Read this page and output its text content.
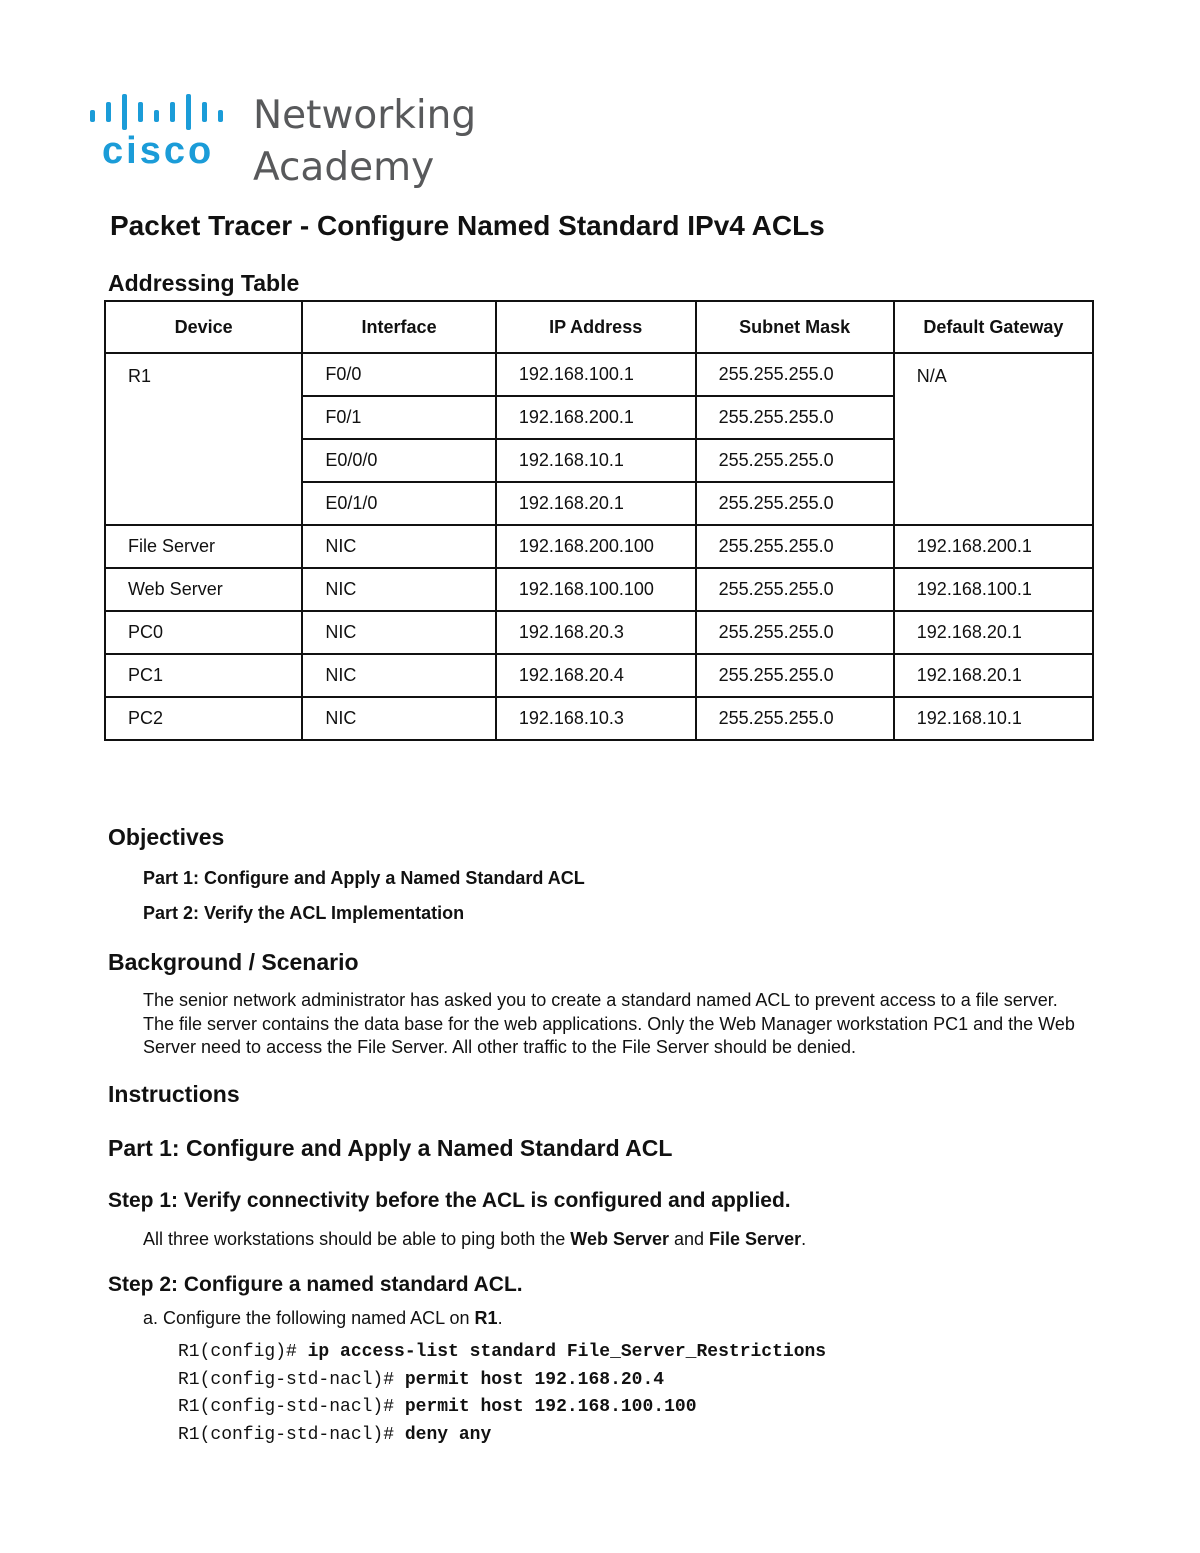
cisco
Networking
Academy
Packet Tracer - Configure Named Standard IPv4 ACLs
Addressing Table
Device	Interface	IP Address	Subnet Mask	Default Gateway
R1	F0/0	192.168.100.1	255.255.255.0	N/A
	F0/1	192.168.200.1	255.255.255.0	
	E0/0/0	192.168.10.1	255.255.255.0	
	E0/1/0	192.168.20.1	255.255.255.0	
File Server	NIC	192.168.200.100	255.255.255.0	192.168.200.1
Web Server	NIC	192.168.100.100	255.255.255.0	192.168.100.1
PC0	NIC	192.168.20.3	255.255.255.0	192.168.20.1
PC1	NIC	192.168.20.4	255.255.255.0	192.168.20.1
PC2	NIC	192.168.10.3	255.255.255.0	192.168.10.1
Objectives
Part 1: Configure and Apply a Named Standard ACL
Part 2: Verify the ACL Implementation
Background / Scenario
The senior network administrator has asked you to create a standard named ACL to prevent access to a file server. The file server contains the data base for the web applications. Only the Web Manager workstation PC1 and the Web Server need to access the File Server. All other traffic to the File Server should be denied.
Instructions
Part 1: Configure and Apply a Named Standard ACL
Step 1: Verify connectivity before the ACL is configured and applied.
All three workstations should be able to ping both the Web Server and File Server.
Step 2: Configure a named standard ACL.
a. Configure the following named ACL on R1.
R1(config)# ip access-list standard File_Server_Restrictions
R1(config-std-nacl)# permit host 192.168.20.4
R1(config-std-nacl)# permit host 192.168.100.100
R1(config-std-nacl)# deny any
